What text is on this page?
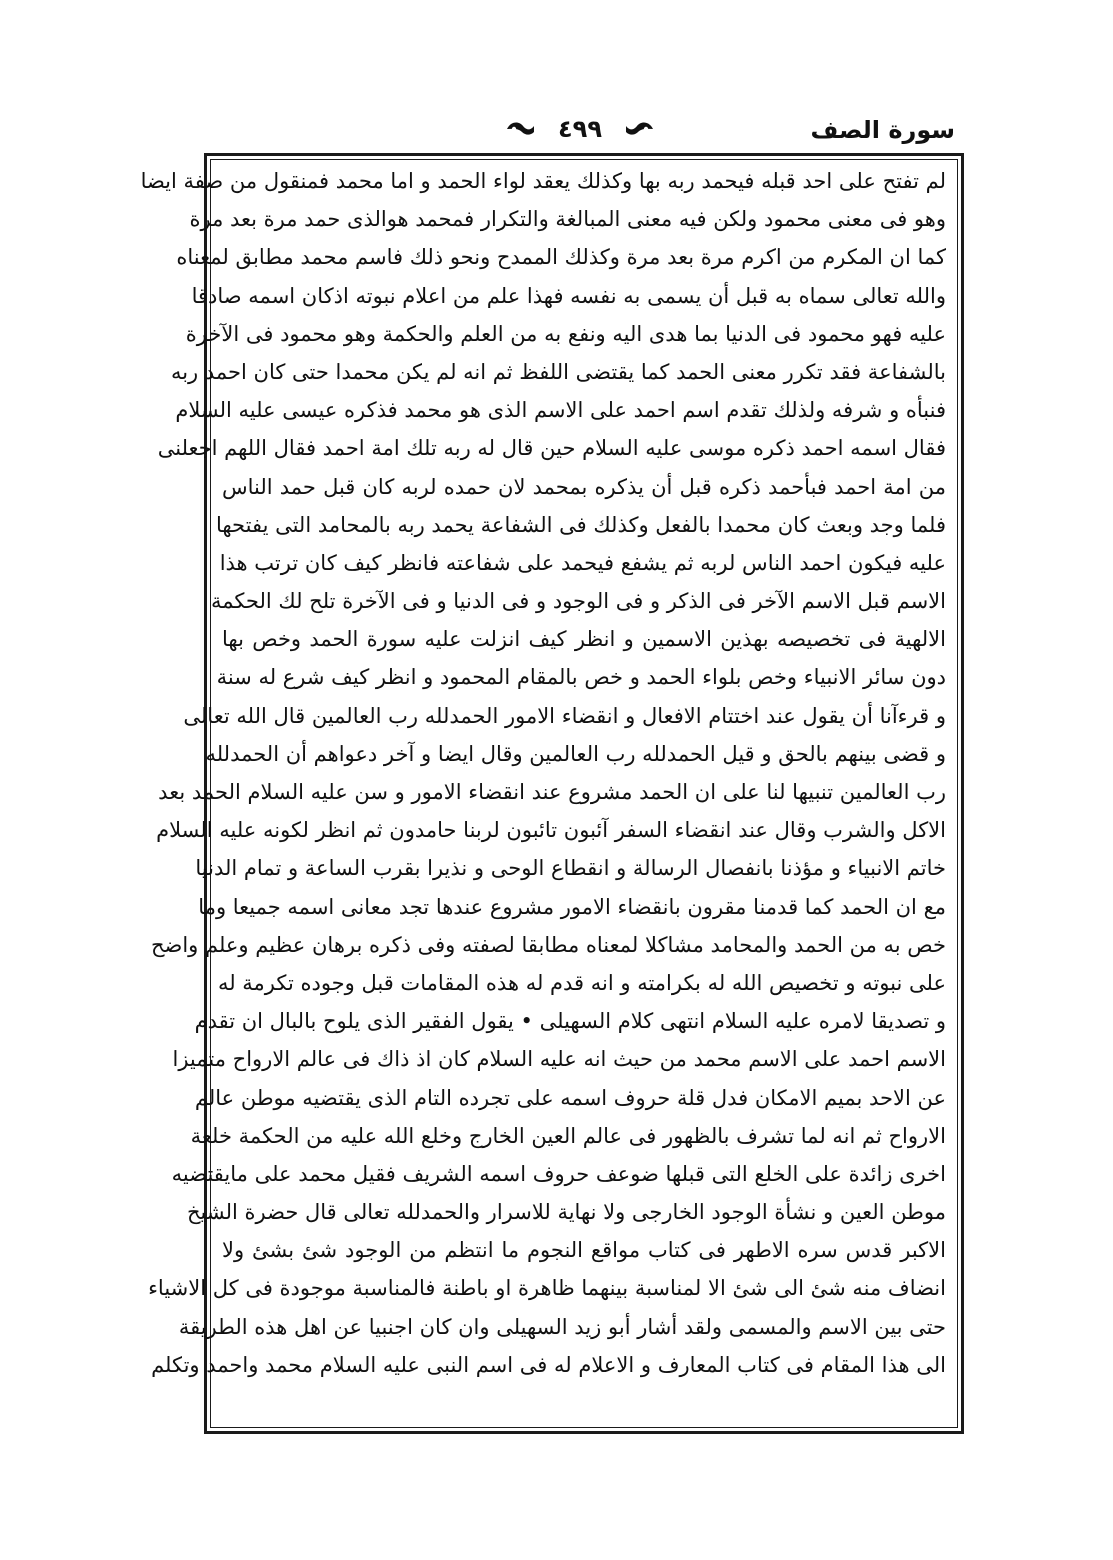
سورة الصف
٤٩٩
لم تفتح على احد قبله فيحمد ربه بها وكذلك يعقد لواء الحمد و اما محمد فمنقول من صفة ايضا
وهو فى معنى محمود ولكن فيه معنى المبالغة والتكرار فمحمد هوالذى حمد مرة بعد مرة
كما ان المكرم من اكرم مرة بعد مرة وكذلك الممدح ونحو ذلك فاسم محمد مطابق لمعناه
والله تعالى سماه به قبل أن يسمى به نفسه فهذا علم من اعلام نبوته اذكان اسمه صادقا
عليه فهو محمود فى الدنيا بما هدى اليه ونفع به من العلم والحكمة وهو محمود فى الآخرة
بالشفاعة فقد تكرر معنى الحمد كما يقتضى اللفظ ثم انه لم يكن محمدا حتى كان احمد ربه
فنبأه و شرفه ولذلك تقدم اسم احمد على الاسم الذى هو محمد فذكره عيسى عليه السلام
فقال اسمه احمد ذكره موسى عليه السلام حين قال له ربه تلك امة احمد فقال اللهم اجعلنى
من امة احمد فبأحمد ذكره قبل أن يذكره بمحمد لان حمده لربه كان قبل حمد الناس
فلما وجد وبعث كان محمدا بالفعل وكذلك فى الشفاعة يحمد ربه بالمحامد التى يفتحها
عليه فيكون احمد الناس لربه ثم يشفع فيحمد على شفاعته فانظر كيف كان ترتب هذا
الاسم قبل الاسم الآخر فى الذكر و فى الوجود و فى الدنيا و فى الآخرة تلح لك الحكمة
الالهية فى تخصيصه بهذين الاسمين و انظر كيف انزلت عليه سورة الحمد وخص بها
دون سائر الانبياء وخص بلواء الحمد و خص بالمقام المحمود و انظر كيف شرع له سنة
و قرءآنا أن يقول عند اختتام الافعال و انقضاء الامور الحمدلله رب العالمين قال الله تعالى
و قضى بينهم بالحق و قيل الحمدلله رب العالمين وقال ايضا و آخر دعواهم أن الحمدلله
رب العالمين تنبيها لنا على ان الحمد مشروع عند انقضاء الامور و سن عليه السلام الحمد بعد
الاكل والشرب وقال عند انقضاء السفر آئبون تائبون لربنا حامدون ثم انظر لكونه عليه السلام
خاتم الانبياء و مؤذنا بانفصال الرسالة و انقطاع الوحى و نذيرا بقرب الساعة و تمام الدنيا
مع ان الحمد كما قدمنا مقرون بانقضاء الامور مشروع عندها تجد معانى اسمه جميعا وما
خص به من الحمد والمحامد مشاكلا لمعناه مطابقا لصفته وفى ذكره برهان عظيم وعلم واضح
على نبوته و تخصيص الله له بكرامته و انه قدم له هذه المقامات قبل وجوده تكرمة له
و تصديقا لامره عليه السلام انتهى كلام السهيلى • يقول الفقير الذى يلوح بالبال ان تقدم
الاسم احمد على الاسم محمد من حيث انه عليه السلام كان اذ ذاك فى عالم الارواح متميزا
عن الاحد بميم الامكان فدل قلة حروف اسمه على تجرده التام الذى يقتضيه موطن عالم
الارواح ثم انه لما تشرف بالظهور فى عالم العين الخارج وخلع الله عليه من الحكمة خلعة
اخرى زائدة على الخلع التى قبلها ضوعف حروف اسمه الشريف فقيل محمد على مايقتضيه
موطن العين و نشأة الوجود الخارجى ولا نهاية للاسرار والحمدلله تعالى قال حضرة الشيخ
الاكبر قدس سره الاطهر فى كتاب مواقع النجوم ما انتظم من الوجود شئ بشئ ولا
انضاف منه شئ الى شئ الا لمناسبة بينهما ظاهرة او باطنة فالمناسبة موجودة فى كل الاشياء
حتى بين الاسم والمسمى ولقد أشار أبو زيد السهيلى وان كان اجنبيا عن اهل هذه الطريقة
الى هذا المقام فى كتاب المعارف و الاعلام له فى اسم النبى عليه السلام محمد واحمد وتكلم
